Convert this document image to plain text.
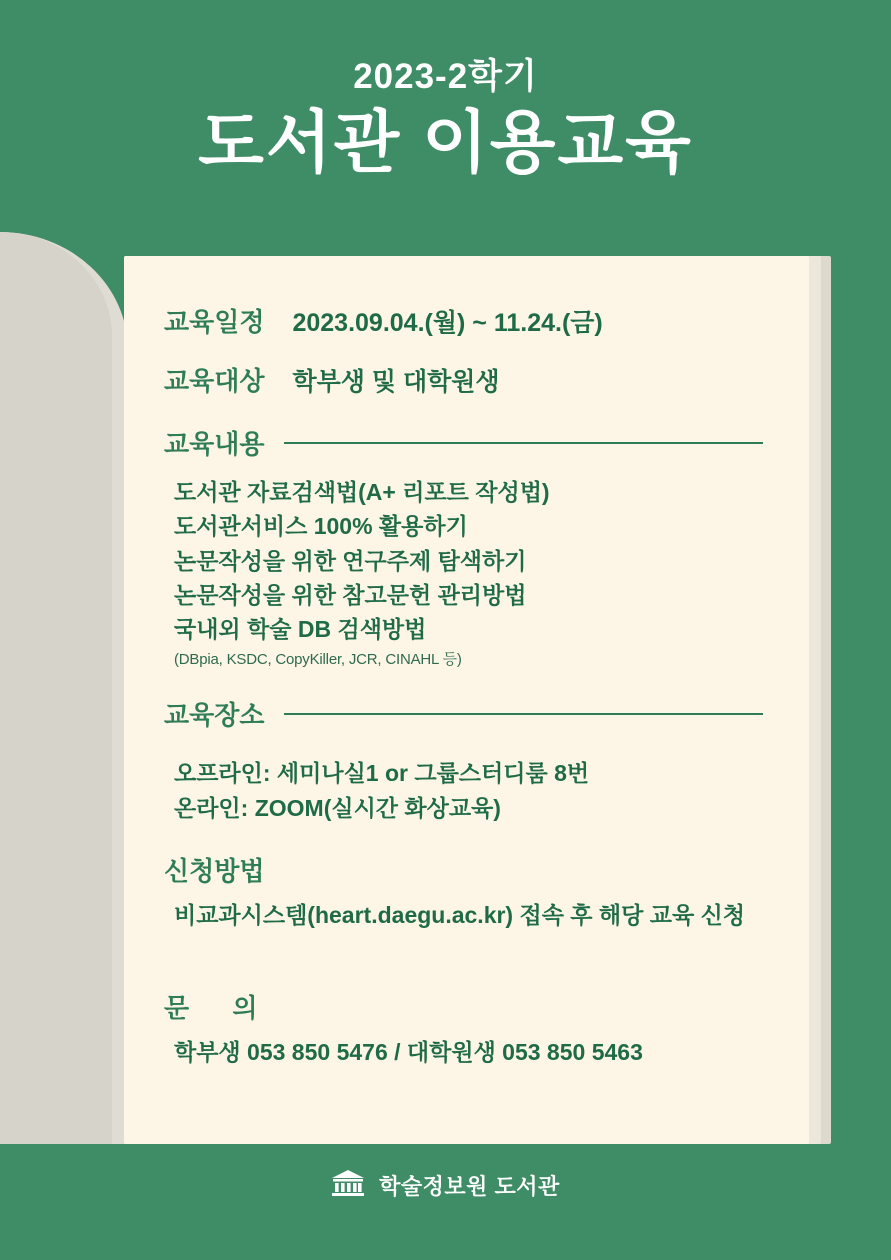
2023-2학기
도서관 이용교육
교육일정 2023.09.04.(월) ~ 11.24.(금)
교육대상 학부생 및 대학원생
교육내용
도서관 자료검색법(A+ 리포트 작성법)
도서관서비스 100% 활용하기
논문작성을 위한 연구주제 탐색하기
논문작성을 위한 참고문헌 관리방법
국내외 학술 DB 검색방법
(DBpia, KSDC, CopyKiller, JCR, CINAHL 등)
교육장소
오프라인: 세미나실1 or 그룹스터디룸 8번
온라인: ZOOM(실시간 화상교육)
신청방법
비교과시스템(heart.daegu.ac.kr) 접속 후 해당 교육 신청
문 의
학부생 053 850 5476 / 대학원생 053 850 5463
학술정보원 도서관
